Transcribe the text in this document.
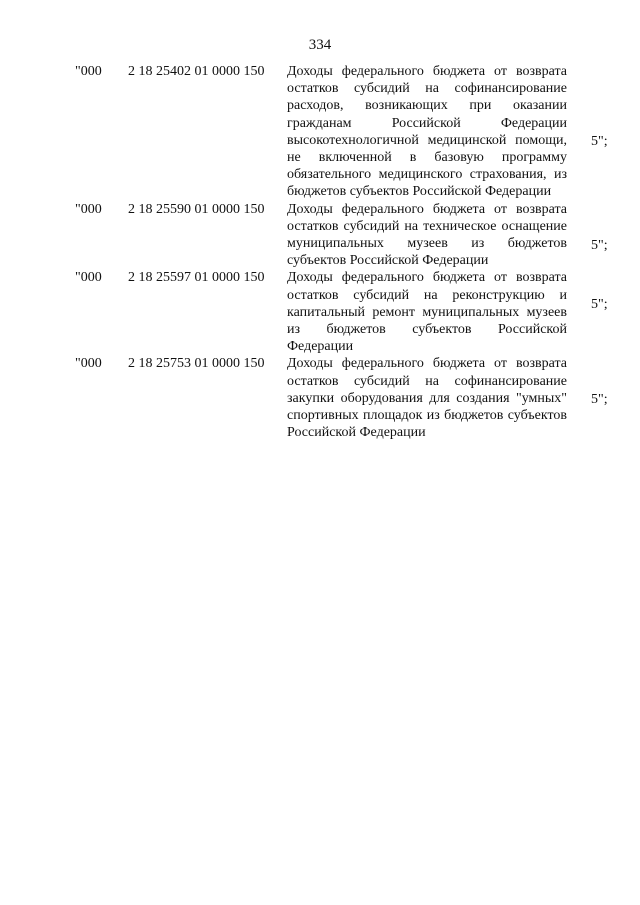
334
"000 2 18 25402 01 0000 150 Доходы федерального бюджета от возврата остатков субсидий на софинансирование расходов, возникающих при оказании гражданам Российской Федерации высокотехнологичной медицинской помощи, не включенной в базовую программу обязательного медицинского страхования, из бюджетов субъектов Российской Федерации
5";
"000 2 18 25590 01 0000 150 Доходы федерального бюджета от возврата остатков субсидий на техническое оснащение муниципальных музеев из бюджетов субъектов Российской Федерации
5";
"000 2 18 25597 01 0000 150 Доходы федерального бюджета от возврата остатков субсидий на реконструкцию и капитальный ремонт муниципальных музеев из бюджетов субъектов Российской Федерации
5";
"000 2 18 25753 01 0000 150 Доходы федерального бюджета от возврата остатков субсидий на софинансирование закупки оборудования для создания "умных" спортивных площадок из бюджетов субъектов Российской Федерации
5";
